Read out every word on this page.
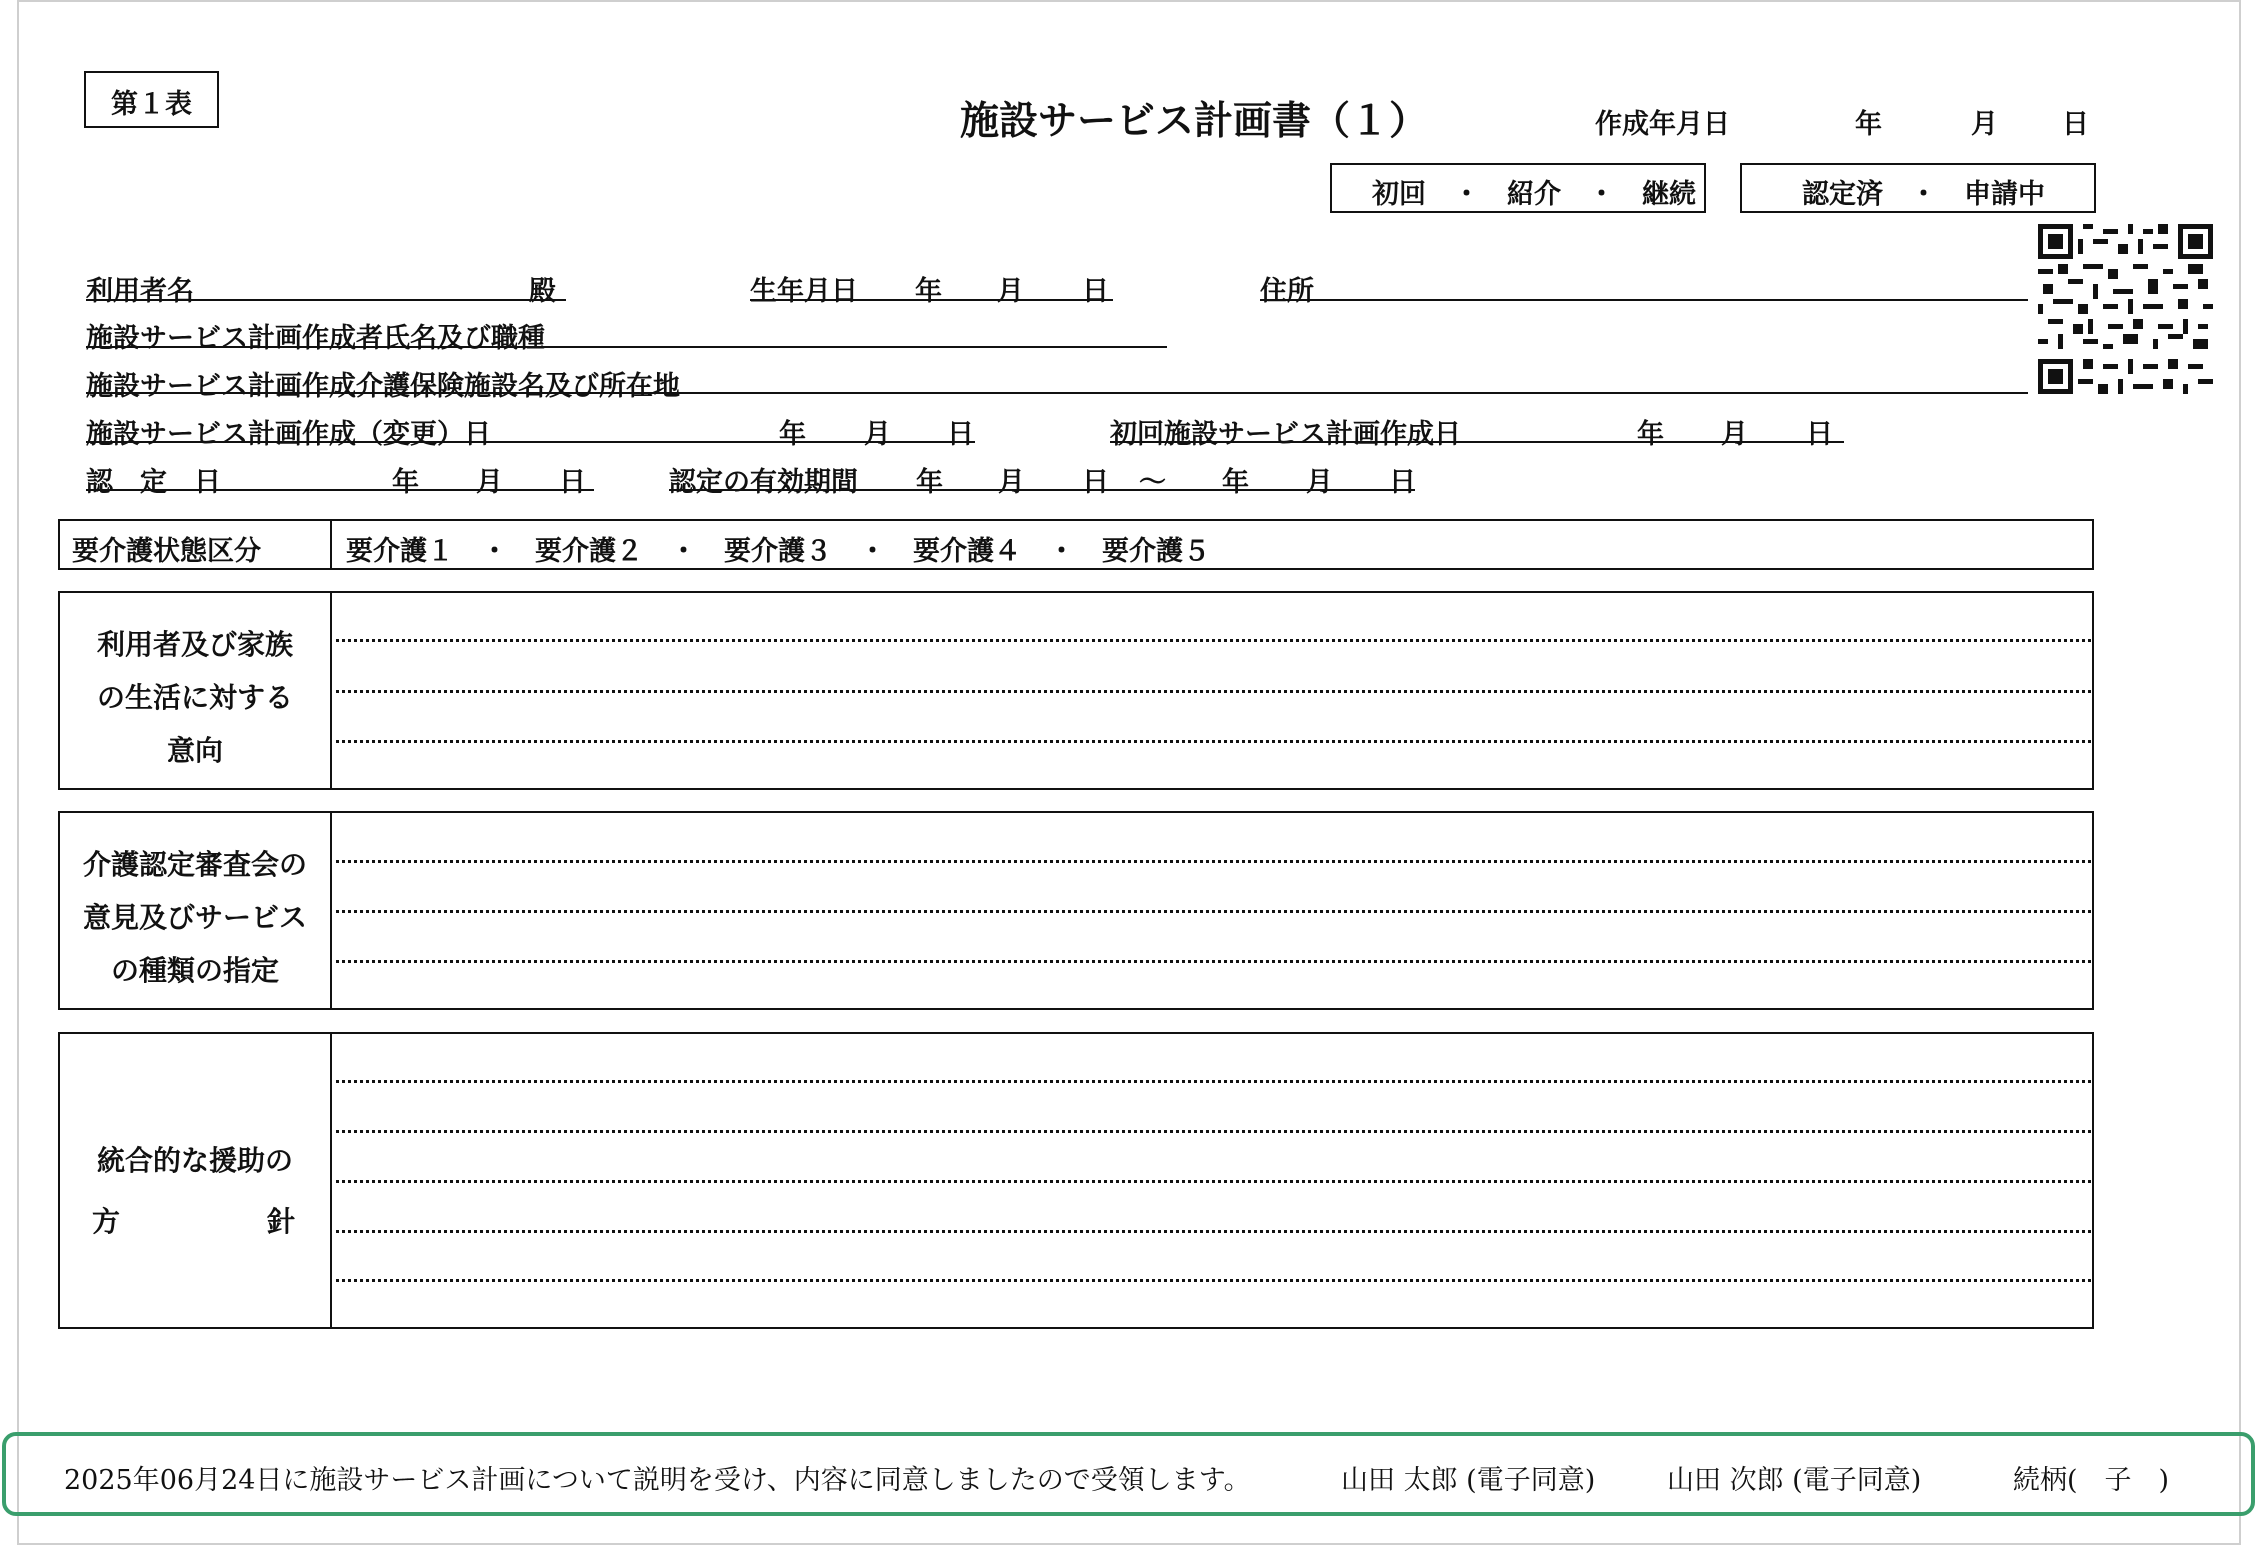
第１表	施設サービス計画書（１）	作成年月日	年	月 日
初回　・　紹介　・　継続	認定済　・　申請中
利用者名	殿	生年月日 年 月 日	住所
施設サービス計画作成者氏名及び職種
施設サービス計画作成介護保険施設名及び所在地
施設サービス計画作成（変更）日	年 月 日	初回施設サービス計画作成日	年 月 日
認　定　日	年 月 日	認定の有効期間 年 月 日 ～ 年 月 日
要介護状態区分	要介護１　・　要介護２　・　要介護３　・　要介護４　・　要介護５
利用者及び家族
の生活に対する
意向
介護認定審査会の
意見及びサービス
の種類の指定
統合的な援助の
方	針
2025年06月24日に施設サービス計画について説明を受け、内容に同意しましたので受領します。	山田 太郎 (電子同意)	山田 次郎 (電子同意)	続柄(　子　)
